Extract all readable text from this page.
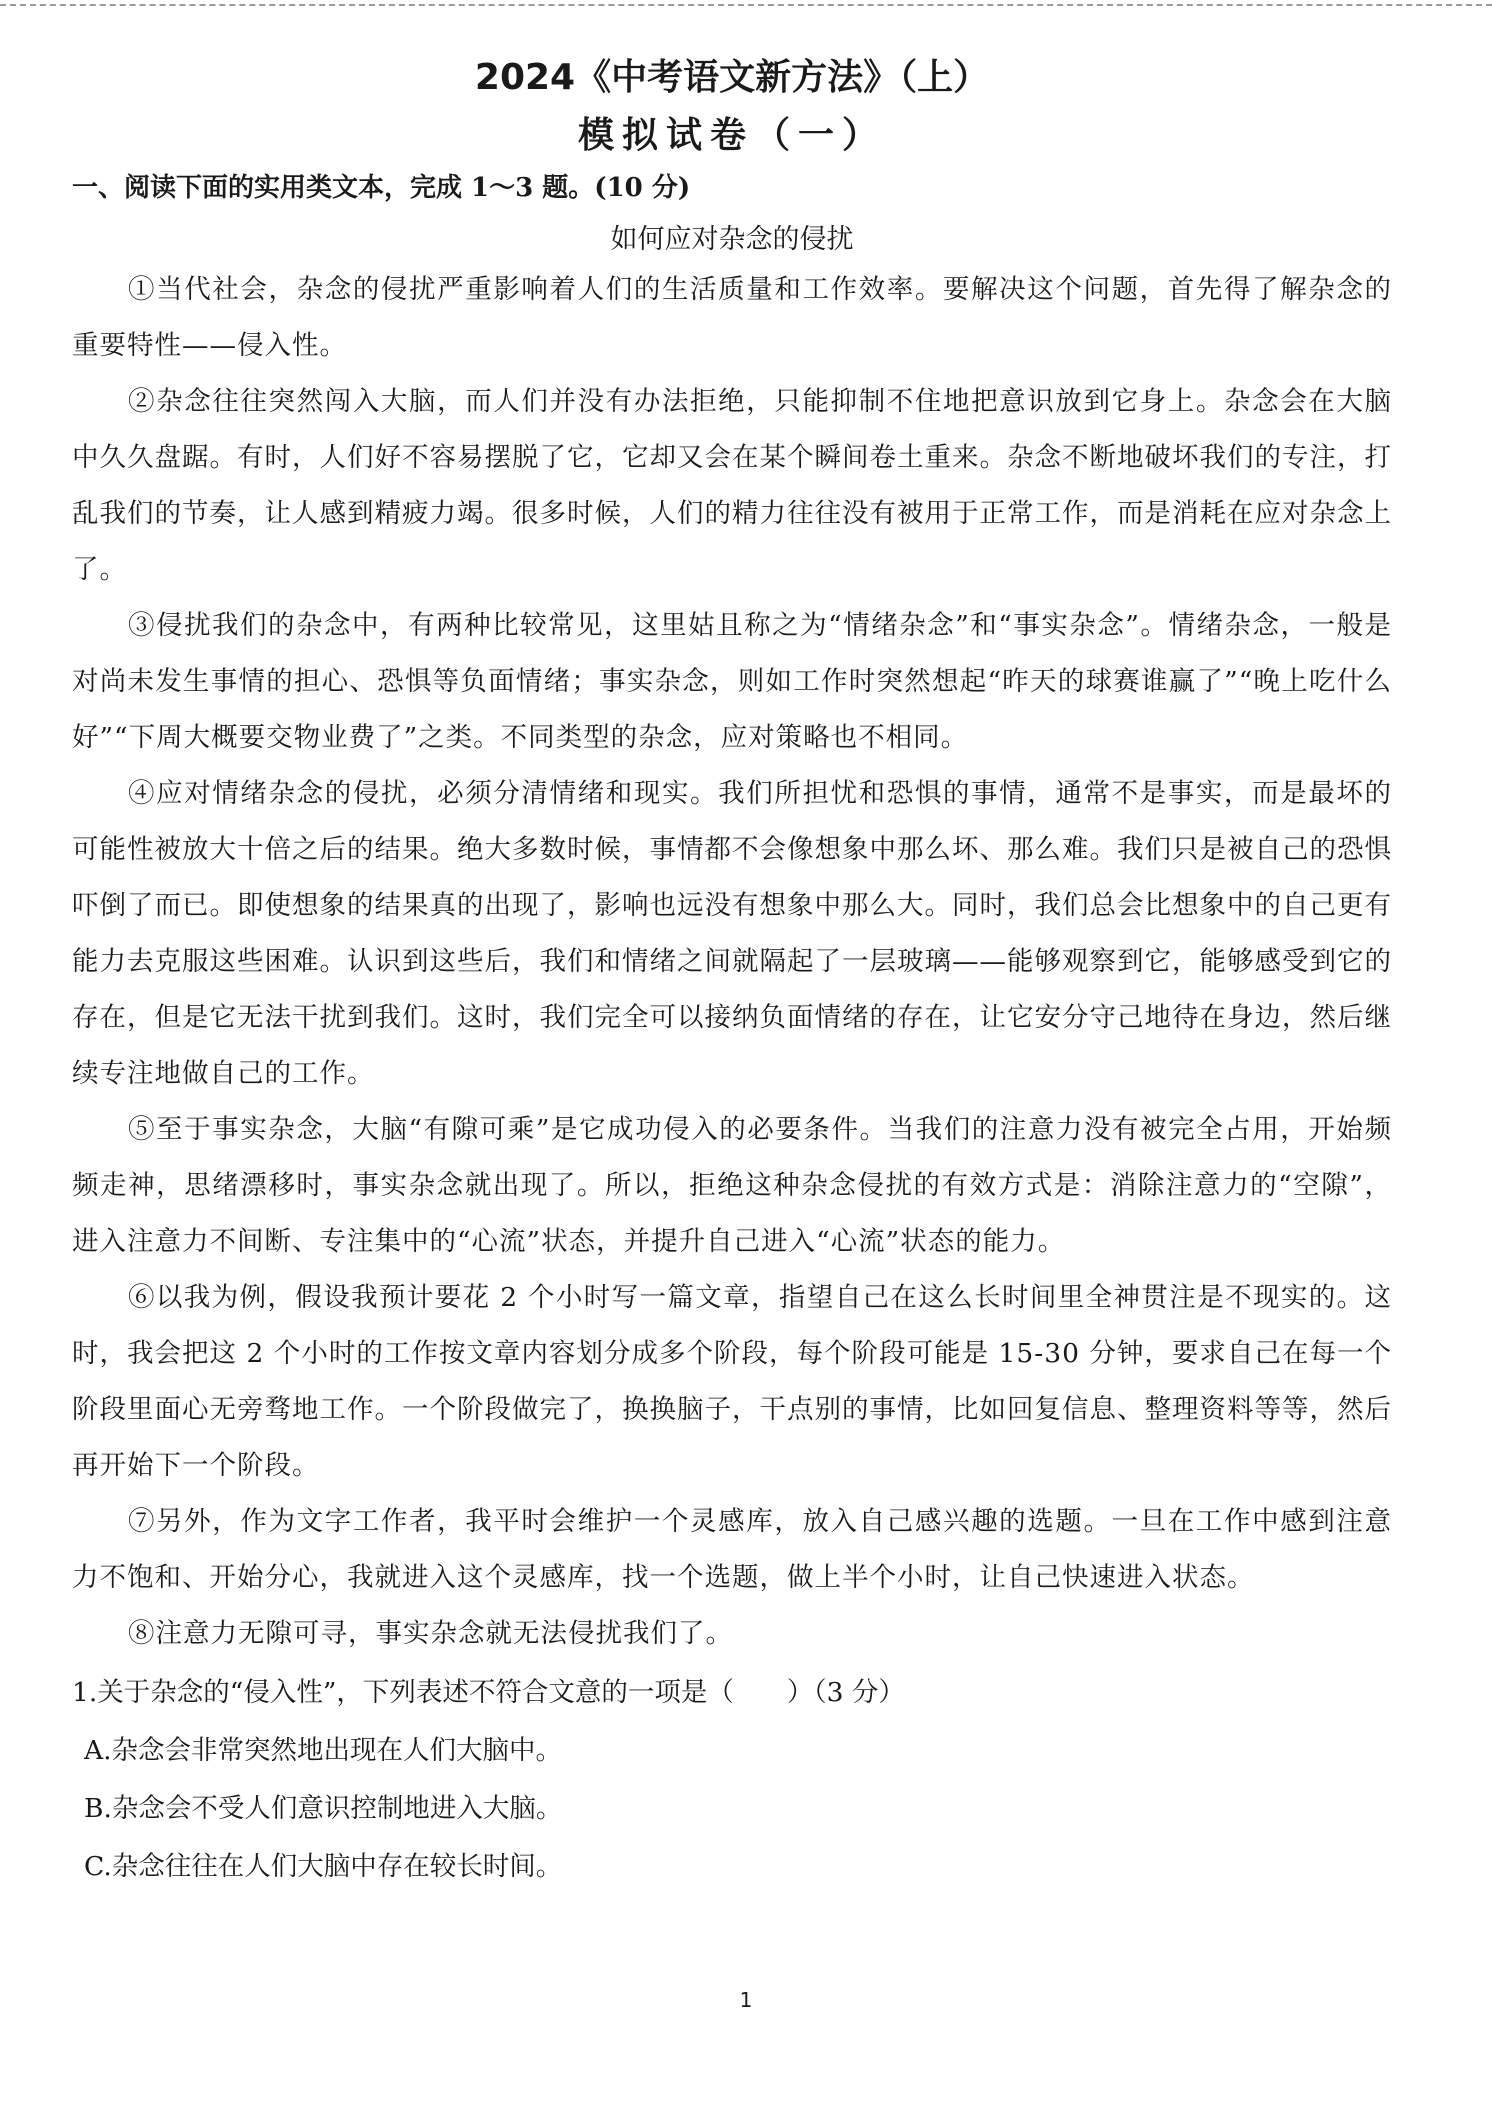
2024《中考语文新方法》（上）
模拟试卷（一）

一、阅读下面的实用类文本，完成 1～3 题。(10 分)

如何应对杂念的侵扰

①当代社会，杂念的侵扰严重影响着人们的生活质量和工作效率。要解决这个问题，首先得了解杂念的重要特性——侵入性。

②杂念往往突然闯入大脑，而人们并没有办法拒绝，只能抑制不住地把意识放到它身上。杂念会在大脑中久久盘踞。有时，人们好不容易摆脱了它，它却又会在某个瞬间卷土重来。杂念不断地破坏我们的专注，打乱我们的节奏，让人感到精疲力竭。很多时候，人们的精力往往没有被用于正常工作，而是消耗在应对杂念上了。

③侵扰我们的杂念中，有两种比较常见，这里姑且称之为“情绪杂念”和“事实杂念”。情绪杂念，一般是对尚未发生事情的担心、恐惧等负面情绪；事实杂念，则如工作时突然想起“昨天的球赛谁赢了”“晚上吃什么好”“下周大概要交物业费了”之类。不同类型的杂念，应对策略也不相同。

④应对情绪杂念的侵扰，必须分清情绪和现实。我们所担忧和恐惧的事情，通常不是事实，而是最坏的可能性被放大十倍之后的结果。绝大多数时候，事情都不会像想象中那么坏、那么难。我们只是被自己的恐惧吓倒了而已。即使想象的结果真的出现了，影响也远没有想象中那么大。同时，我们总会比想象中的自己更有能力去克服这些困难。认识到这些后，我们和情绪之间就隔起了一层玻璃——能够观察到它，能够感受到它的存在，但是它无法干扰到我们。这时，我们完全可以接纳负面情绪的存在，让它安分守己地待在身边，然后继续专注地做自己的工作。

⑤至于事实杂念，大脑“有隙可乘”是它成功侵入的必要条件。当我们的注意力没有被完全占用，开始频频走神，思绪漂移时，事实杂念就出现了。所以，拒绝这种杂念侵扰的有效方式是：消除注意力的“空隙”，进入注意力不间断、专注集中的“心流”状态，并提升自己进入“心流”状态的能力。

⑥以我为例，假设我预计要花 2 个小时写一篇文章，指望自己在这么长时间里全神贯注是不现实的。这时，我会把这 2 个小时的工作按文章内容划分成多个阶段，每个阶段可能是 15-30 分钟，要求自己在每一个阶段里面心无旁骛地工作。一个阶段做完了，换换脑子，干点别的事情，比如回复信息、整理资料等等，然后再开始下一个阶段。

⑦另外，作为文字工作者，我平时会维护一个灵感库，放入自己感兴趣的选题。一旦在工作中感到注意力不饱和、开始分心，我就进入这个灵感库，找一个选题，做上半个小时，让自己快速进入状态。

⑧注意力无隙可寻，事实杂念就无法侵扰我们了。

1.关于杂念的“侵入性”，下列表述不符合文意的一项是（　　）（3 分）

A.杂念会非常突然地出现在人们大脑中。

B.杂念会不受人们意识控制地进入大脑。

C.杂念往往在人们大脑中存在较长时间。

1
